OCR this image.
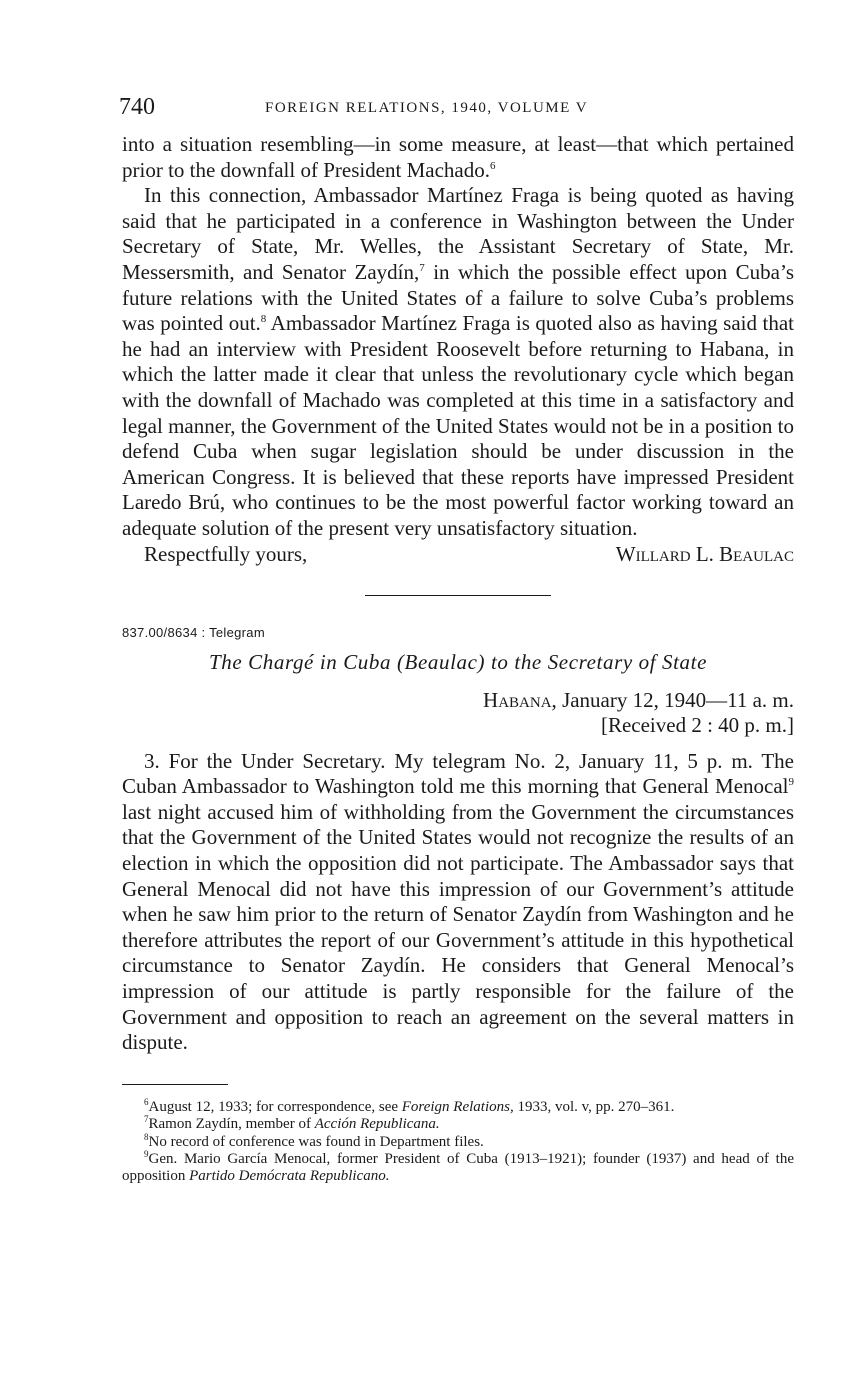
740	FOREIGN RELATIONS, 1940, VOLUME V

into a situation resembling—in some measure, at least—that which pertained prior to the downfall of President Machado.$^6$

In this connection, Ambassador Martínez Fraga is being quoted as having said that he participated in a conference in Washington between the Under Secretary of State, Mr. Welles, the Assistant Secretary of State, Mr. Messersmith, and Senator Zaydín,$^7$ in which the possible effect upon Cuba’s future relations with the United States of a failure to solve Cuba’s problems was pointed out.$^8$ Ambassador Martínez Fraga is quoted also as having said that he had an interview with President Roosevelt before returning to Habana, in which the latter made it clear that unless the revolutionary cycle which began with the downfall of Machado was completed at this time in a satisfactory and legal manner, the Government of the United States would not be in a position to defend Cuba when sugar legislation should be under discussion in the American Congress. It is believed that these reports have impressed President Laredo Brú, who continues to be the most powerful factor working toward an adequate solution of the present very unsatisfactory situation.

Respectfully yours,	Willard L. Beaulac
837.00/8634 : Telegram
The Chargé in Cuba (Beaulac) to the Secretary of State
Habana, January 12, 1940—11 a. m.
[Received 2 : 40 p. m.]

3. For the Under Secretary. My telegram No. 2, January 11, 5 p. m. The Cuban Ambassador to Washington told me this morning that General Menocal$^9$ last night accused him of withholding from the Government the circumstances that the Government of the United States would not recognize the results of an election in which the opposition did not participate. The Ambassador says that General Menocal did not have this impression of our Government’s attitude when he saw him prior to the return of Senator Zaydín from Washington and he therefore attributes the report of our Government’s attitude in this hypothetical circumstance to Senator Zaydín. He considers that General Menocal’s impression of our attitude is partly responsible for the failure of the Government and opposition to reach an agreement on the several matters in dispute.

$^6$August 12, 1933; for correspondence, see Foreign Relations, 1933, vol. v, pp. 270–361.
$^7$Ramon Zaydín, member of Acción Republicana.
$^8$No record of conference was found in Department files.
$^9$Gen. Mario García Menocal, former President of Cuba (1913–1921); founder (1937) and head of the opposition Partido Demócrata Republicano.
